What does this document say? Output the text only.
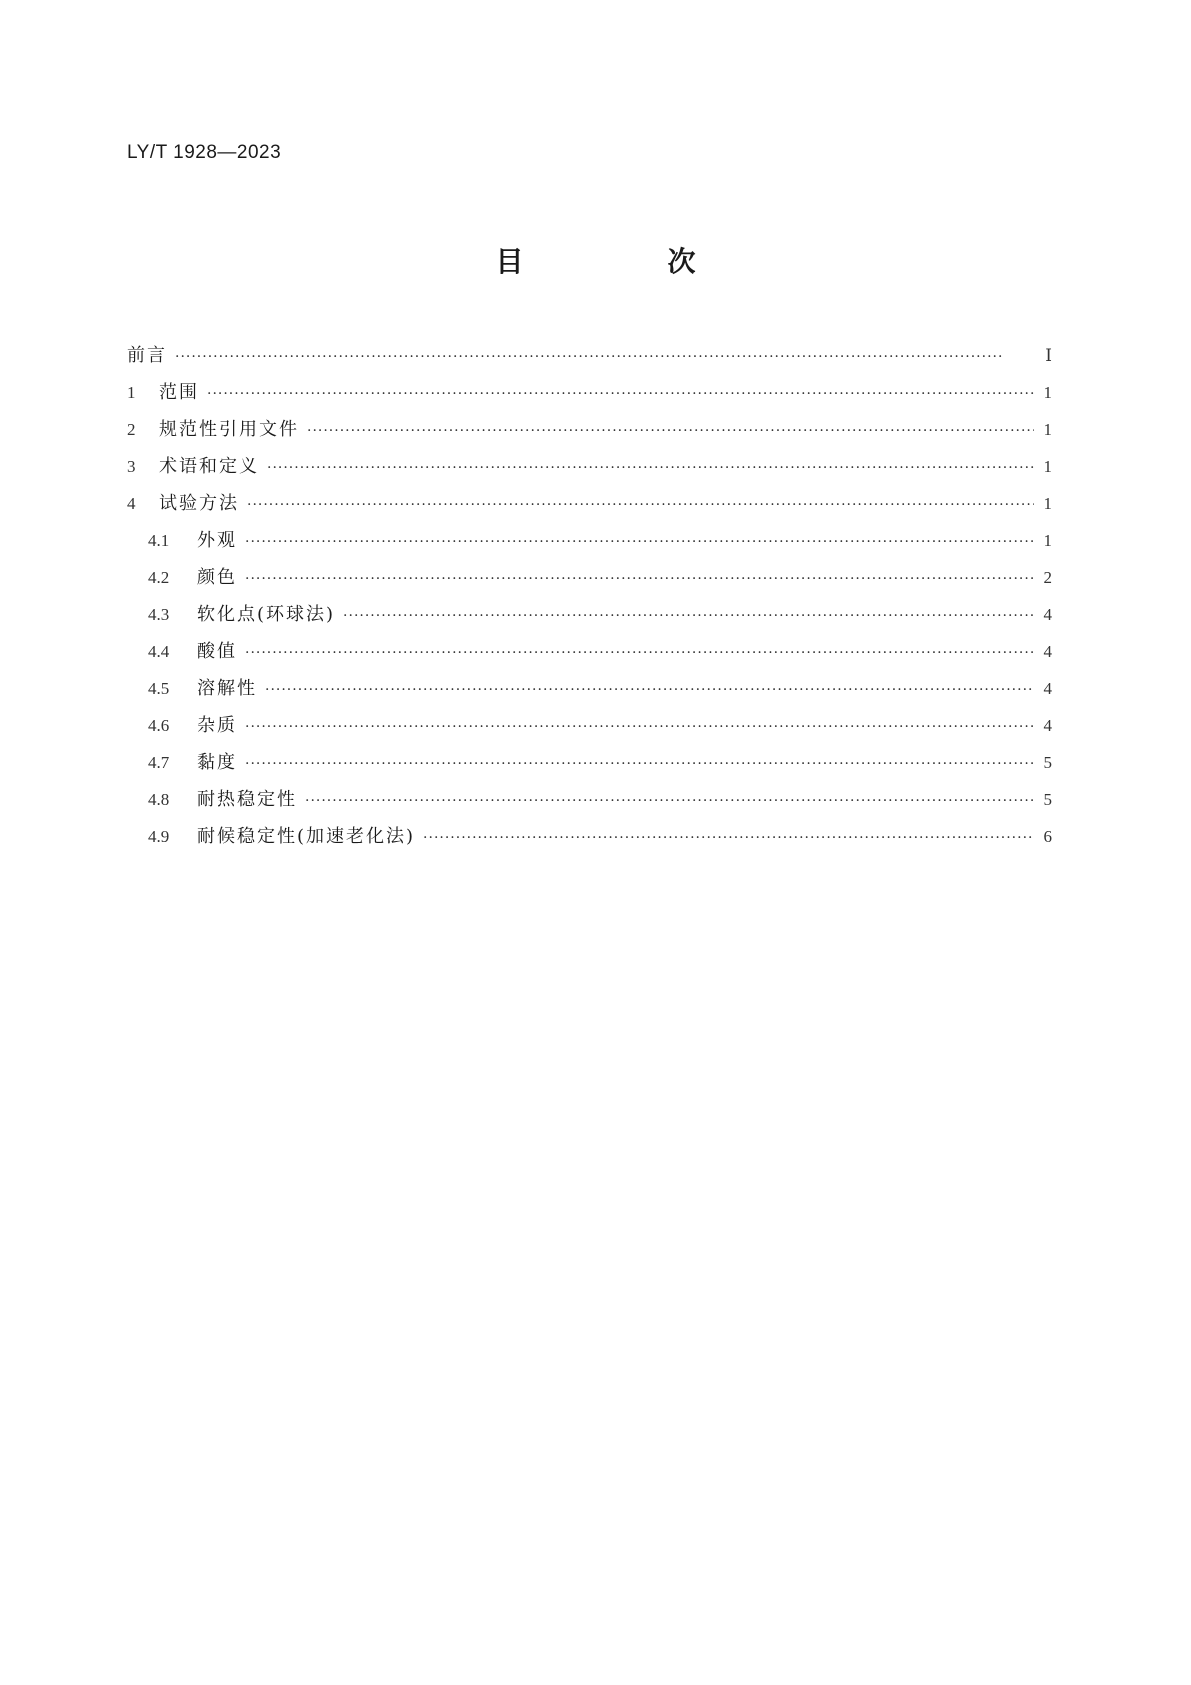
LY/T 1928—2023
目　次
前言 ·····	Ⅰ
1	范围 ·····	1
2	规范性引用文件 ·····	1
3	术语和定义 ·····	1
4	试验方法 ·····	1
4.1	外观 ·····	1
4.2	颜色 ·····	2
4.3	软化点(环球法) ·····	4
4.4	酸值 ·····	4
4.5	溶解性 ·····	4
4.6	杂质 ·····	4
4.7	黏度 ·····	5
4.8	耐热稳定性 ·····	5
4.9	耐候稳定性(加速老化法) ·····	6
